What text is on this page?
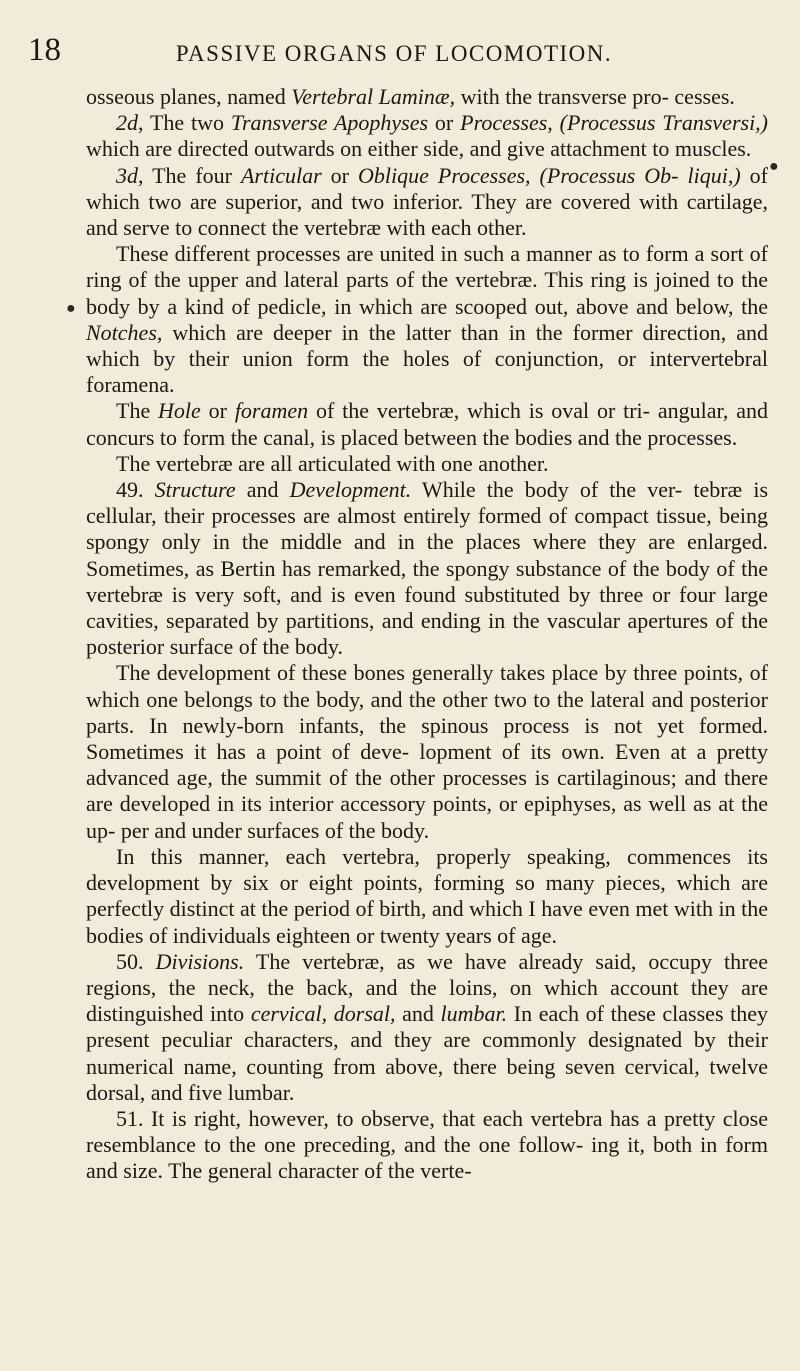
18	PASSIVE ORGANS OF LOCOMOTION.

osseous planes, named Vertebral Laminæ, with the transverse pro- cesses.

2d, The two Transverse Apophyses or Processes, (Processus Transversi,) which are directed outwards on either side, and give attachment to muscles.

3d, The four Articular or Oblique Processes, (Processus Ob- liqui,) of which two are superior, and two inferior. They are covered with cartilage, and serve to connect the vertebræ with each other.

These different processes are united in such a manner as to form a sort of ring of the upper and lateral parts of the vertebræ. This ring is joined to the body by a kind of pedicle, in which are scooped out, above and below, the Notches, which are deeper in the latter than in the former direction, and which by their union form the holes of conjunction, or intervertebral foramena.

The Hole or foramen of the vertebræ, which is oval or tri- angular, and concurs to form the canal, is placed between the bodies and the processes.

The vertebræ are all articulated with one another.

49. Structure and Development. While the body of the ver- tebræ is cellular, their processes are almost entirely formed of compact tissue, being spongy only in the middle and in the places where they are enlarged. Sometimes, as Bertin has remarked, the spongy substance of the body of the vertebræ is very soft, and is even found substituted by three or four large cavities, separated by partitions, and ending in the vascular apertures of the posterior surface of the body.

The development of these bones generally takes place by three points, of which one belongs to the body, and the other two to the lateral and posterior parts. In newly-born infants, the spinous process is not yet formed. Sometimes it has a point of deve- lopment of its own. Even at a pretty advanced age, the summit of the other processes is cartilaginous; and there are developed in its interior accessory points, or epiphyses, as well as at the up- per and under surfaces of the body.

In this manner, each vertebra, properly speaking, commences its development by six or eight points, forming so many pieces, which are perfectly distinct at the period of birth, and which I have even met with in the bodies of individuals eighteen or twenty years of age.

50. Divisions. The vertebræ, as we have already said, occupy three regions, the neck, the back, and the loins, on which account they are distinguished into cervical, dorsal, and lumbar. In each of these classes they present peculiar characters, and they are commonly designated by their numerical name, counting from above, there being seven cervical, twelve dorsal, and five lumbar.

51. It is right, however, to observe, that each vertebra has a pretty close resemblance to the one preceding, and the one follow- ing it, both in form and size. The general character of the verte-

●
●
